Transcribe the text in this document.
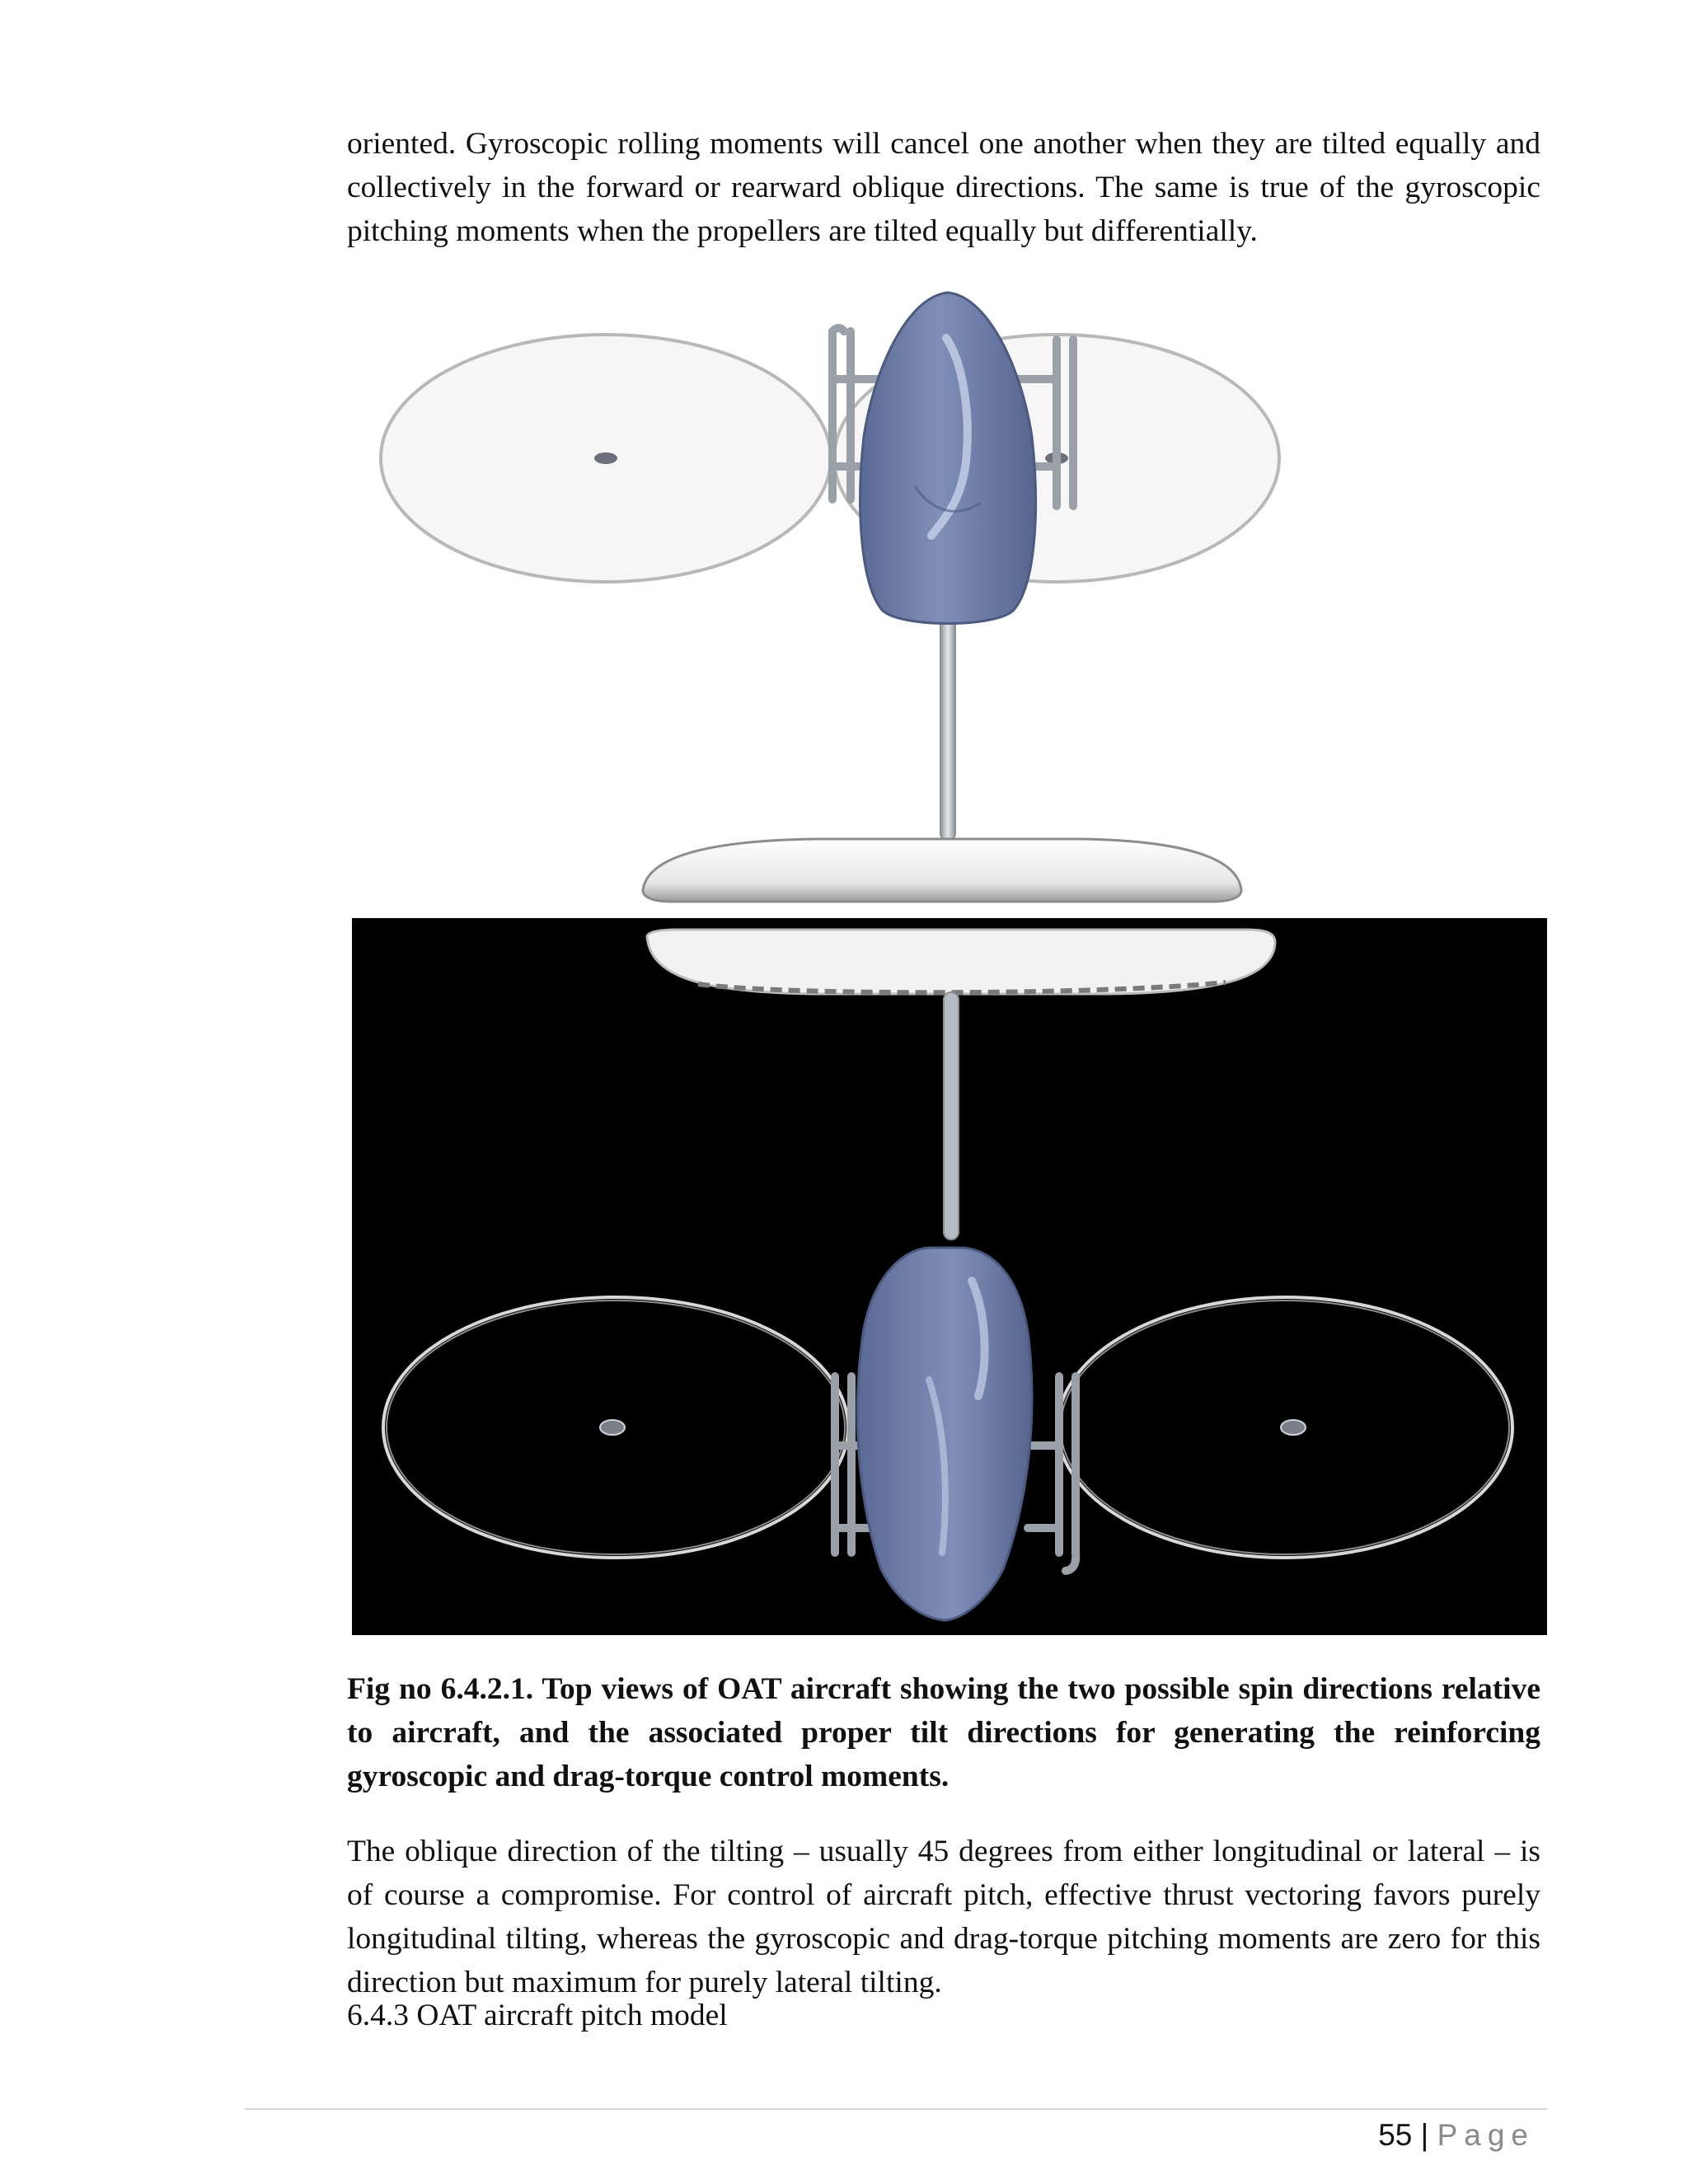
oriented. Gyroscopic rolling moments will cancel one another when they are tilted equally and collectively in the forward or rearward oblique directions. The same is true of the gyroscopic pitching moments when the propellers are tilted equally but differentially.

Fig no 6.4.2.1. Top views of OAT aircraft showing the two possible spin directions relative to aircraft, and the associated proper tilt directions for generating the reinforcing gyroscopic and drag-torque control moments.

The oblique direction of the tilting – usually 45 degrees from either longitudinal or lateral – is of course a compromise. For control of aircraft pitch, effective thrust vectoring favors purely longitudinal tilting, whereas the gyroscopic and drag-torque pitching moments are zero for this direction but maximum for purely lateral tilting.

6.4.3 OAT aircraft pitch model

55 | Page
